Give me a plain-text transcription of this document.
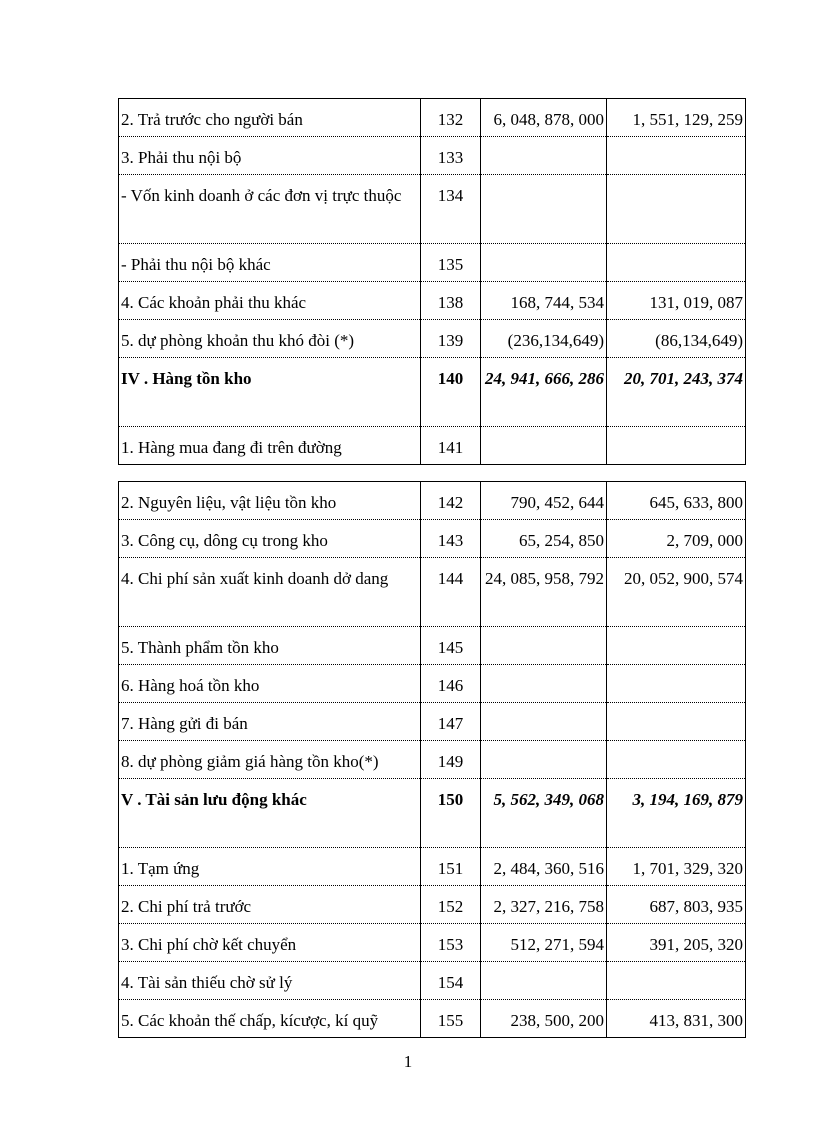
2. Trả trước cho người bán	132	6, 048, 878, 000	1, 551, 129, 259
3. Phải thu nội bộ	133		
- Vốn kinh doanh ở các đơn vị trực thuộc	134		
- Phải thu nội bộ khác	135		
4. Các khoản phải thu khác	138	168, 744, 534	131, 019, 087
5. dự phòng khoản thu khó đòi (*)	139	(236,134,649)	(86,134,649)
IV . Hàng tồn kho	140	24, 941, 666, 286	20, 701, 243, 374
1. Hàng mua đang đi trên đường	141		
2. Nguyên liệu, vật liệu tồn kho	142	790, 452, 644	645, 633, 800
3. Công cụ, dông cụ trong kho	143	65, 254, 850	2, 709, 000
4. Chi phí sản xuất kinh doanh dở dang	144	24, 085, 958, 792	20, 052, 900, 574
5. Thành phẩm tồn kho	145		
6. Hàng hoá tồn kho	146		
7. Hàng gửi đi bán	147		
8. dự phòng giảm giá hàng tồn kho(*)	149		
V . Tài sản lưu động khác	150	5, 562, 349, 068	3, 194, 169, 879
1. Tạm ứng	151	2, 484, 360, 516	1, 701, 329, 320
2. Chi phí trả trước	152	2, 327, 216, 758	687, 803, 935
3. Chi phí chờ kết chuyển	153	512, 271, 594	391, 205, 320
4. Tài sản thiếu chờ sử lý	154		
5. Các khoản thế chấp, kícược, kí quỹ	155	238, 500, 200	413, 831, 300
1
